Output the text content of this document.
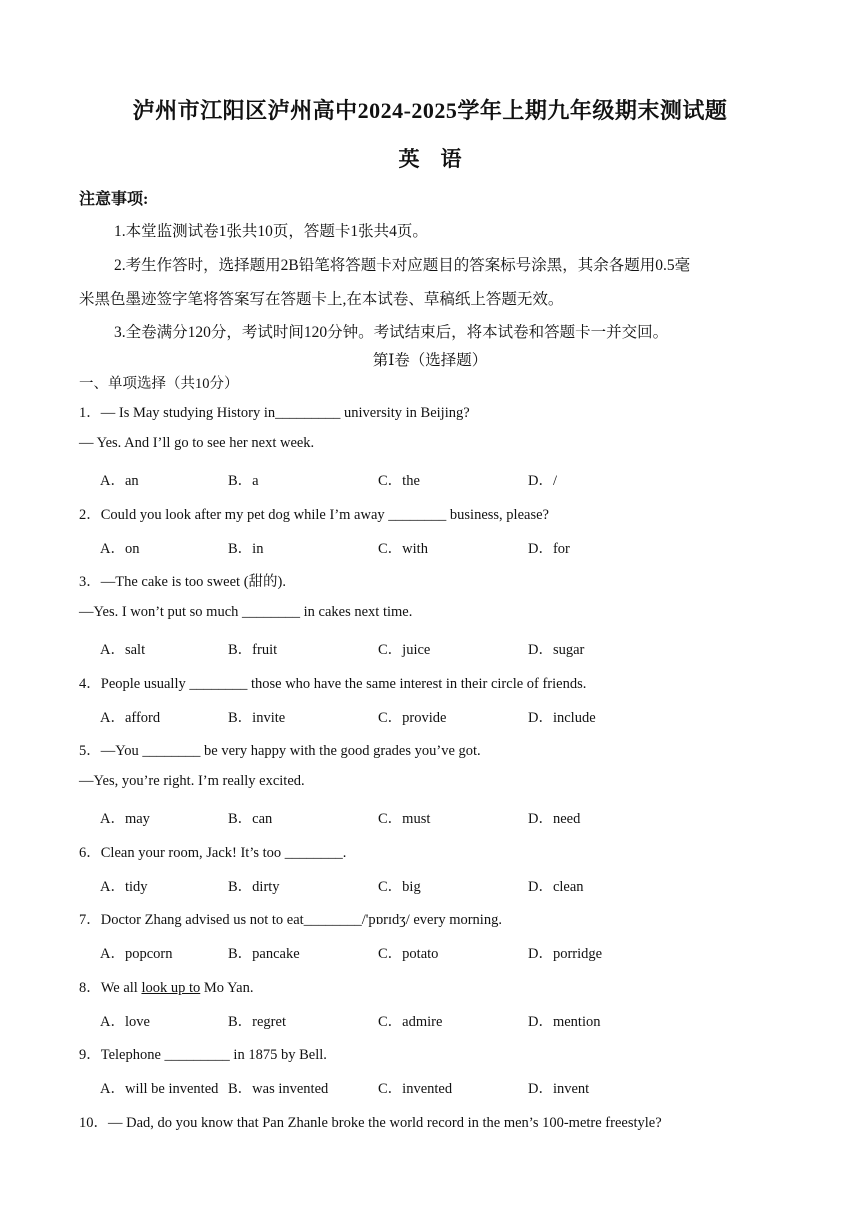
泸州市江阳区泸州高中2024-2025学年上期九年级期末测试题
英　语
注意事项:
1.本堂监测试卷1张共10页，答题卡1张共4页。
2.考生作答时，选择题用2B铅笔将答题卡对应题目的答案标号涂黑，其余各题用0.5毫
米黑色墨迹签字笔将答案写在答题卡上,在本试卷、草稿纸上答题无效。
3.全卷满分120分，考试时间120分钟。考试结束后，将本试卷和答题卡一并交回。
第Ⅰ卷（选择题）
一、单项选择（共10分）
1．— Is May studying History in_________ university in Beijing?
— Yes. And I’ll go to see her next week.
A．an	B．a	C．the	D．/
2．Could you look after my pet dog while I’m away ________ business, please?
A．on	B．in	C．with	D．for
3．—The cake is too sweet (甜的).
—Yes. I won’t put so much ________ in cakes next time.
A．salt	B．fruit	C．juice	D．sugar
4．People usually ________ those who have the same interest in their circle of friends.
A．afford	B．invite	C．provide	D．include
5．—You ________ be very happy with the good grades you’ve got.
—Yes, you’re right. I’m really excited.
A．may	B．can	C．must	D．need
6．Clean your room, Jack! It’s too ________.
A．tidy	B．dirty	C．big	D．clean
7．Doctor Zhang advised us not to eat________/'pɒrɪdʒ/ every morning.
A．popcorn	B．pancake	C．potato	D．porridge
8．We all look up to Mo Yan.
A．love	B．regret	C．admire	D．mention
9．Telephone _________ in 1875 by Bell.
A．will be invented B．was invented	C．invented	D．invent
10．— Dad, do you know that Pan Zhanle broke the world record in the men’s 100-metre freestyle?
